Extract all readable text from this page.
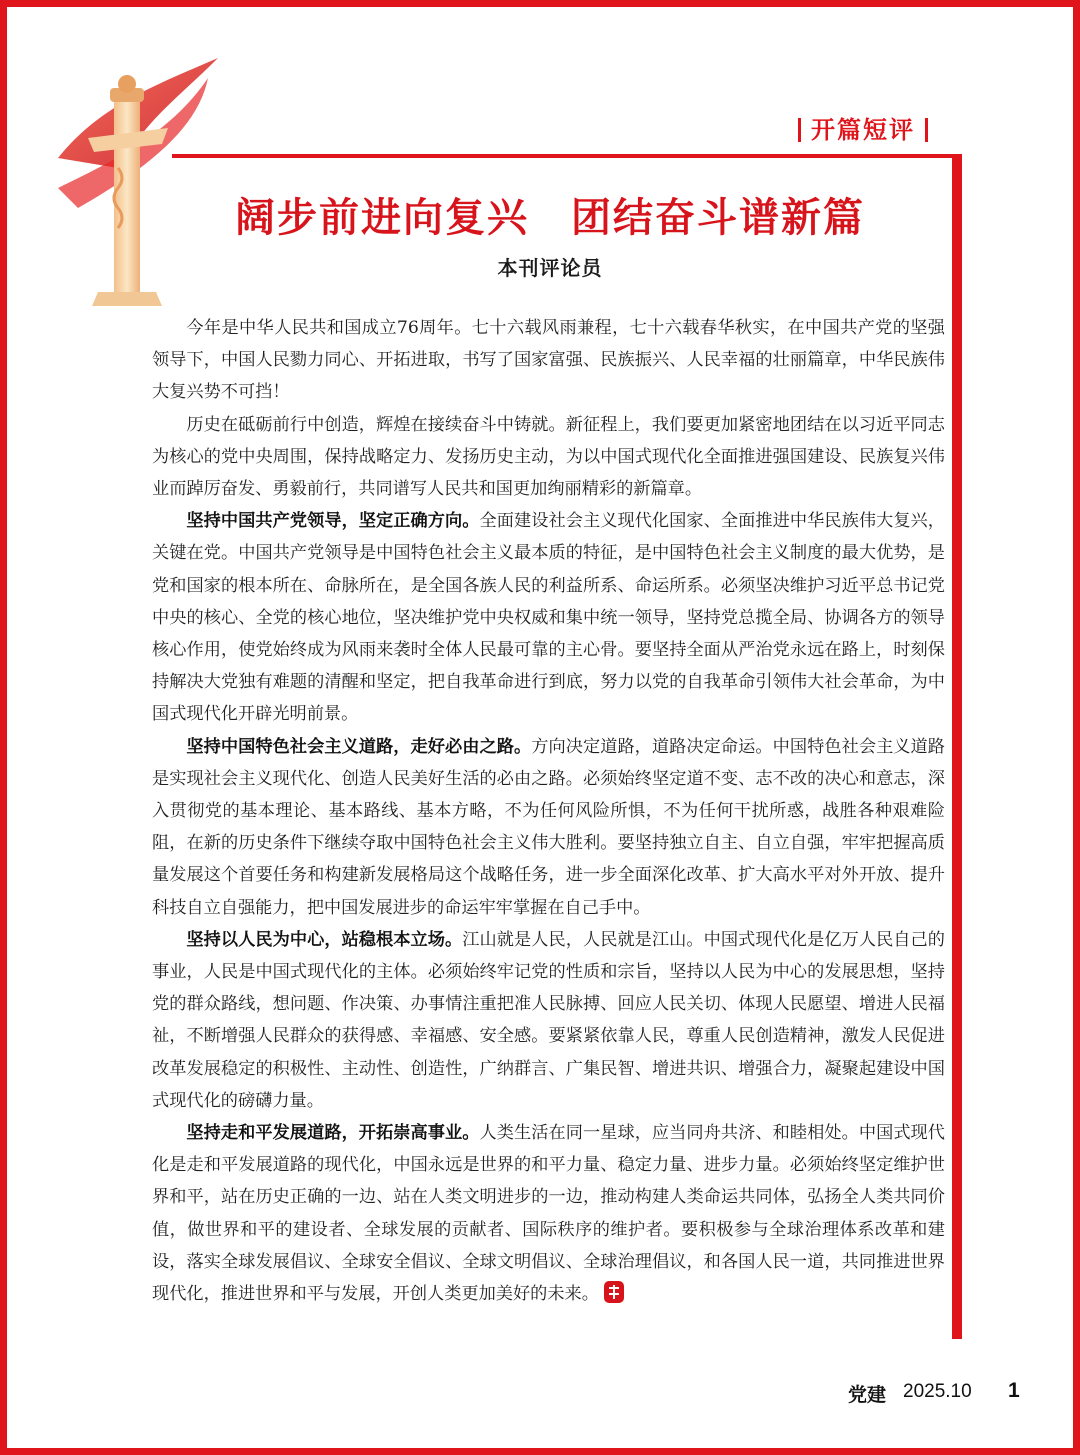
开篇短评
阔步前进向复兴　团结奋斗谱新篇
本刊评论员

今年是中华人民共和国成立76周年。七十六载风雨兼程，七十六载春华秋实，在中国共产党的坚强领导下，中国人民勠力同心、开拓进取，书写了国家富强、民族振兴、人民幸福的壮丽篇章，中华民族伟大复兴势不可挡！

历史在砥砺前行中创造，辉煌在接续奋斗中铸就。新征程上，我们要更加紧密地团结在以习近平同志为核心的党中央周围，保持战略定力、发扬历史主动，为以中国式现代化全面推进强国建设、民族复兴伟业而踔厉奋发、勇毅前行，共同谱写人民共和国更加绚丽精彩的新篇章。

坚持中国共产党领导，坚定正确方向。全面建设社会主义现代化国家、全面推进中华民族伟大复兴，关键在党。中国共产党领导是中国特色社会主义最本质的特征，是中国特色社会主义制度的最大优势，是党和国家的根本所在、命脉所在，是全国各族人民的利益所系、命运所系。必须坚决维护习近平总书记党中央的核心、全党的核心地位，坚决维护党中央权威和集中统一领导，坚持党总揽全局、协调各方的领导核心作用，使党始终成为风雨来袭时全体人民最可靠的主心骨。要坚持全面从严治党永远在路上，时刻保持解决大党独有难题的清醒和坚定，把自我革命进行到底，努力以党的自我革命引领伟大社会革命，为中国式现代化开辟光明前景。

坚持中国特色社会主义道路，走好必由之路。方向决定道路，道路决定命运。中国特色社会主义道路是实现社会主义现代化、创造人民美好生活的必由之路。必须始终坚定道不变、志不改的决心和意志，深入贯彻党的基本理论、基本路线、基本方略，不为任何风险所惧，不为任何干扰所惑，战胜各种艰难险阻，在新的历史条件下继续夺取中国特色社会主义伟大胜利。要坚持独立自主、自立自强，牢牢把握高质量发展这个首要任务和构建新发展格局这个战略任务，进一步全面深化改革、扩大高水平对外开放、提升科技自立自强能力，把中国发展进步的命运牢牢掌握在自己手中。

坚持以人民为中心，站稳根本立场。江山就是人民，人民就是江山。中国式现代化是亿万人民自己的事业，人民是中国式现代化的主体。必须始终牢记党的性质和宗旨，坚持以人民为中心的发展思想，坚持党的群众路线，想问题、作决策、办事情注重把准人民脉搏、回应人民关切、体现人民愿望、增进人民福祉，不断增强人民群众的获得感、幸福感、安全感。要紧紧依靠人民，尊重人民创造精神，激发人民促进改革发展稳定的积极性、主动性、创造性，广纳群言、广集民智、增进共识、增强合力，凝聚起建设中国式现代化的磅礴力量。

坚持走和平发展道路，开拓崇高事业。人类生活在同一星球，应当同舟共济、和睦相处。中国式现代化是走和平发展道路的现代化，中国永远是世界的和平力量、稳定力量、进步力量。必须始终坚定维护世界和平，站在历史正确的一边、站在人类文明进步的一边，推动构建人类命运共同体，弘扬全人类共同价值，做世界和平的建设者、全球发展的贡献者、国际秩序的维护者。要积极参与全球治理体系改革和建设，落实全球发展倡议、全球安全倡议、全球文明倡议、全球治理倡议，和各国人民一道，共同推进世界现代化，推进世界和平与发展，开创人类更加美好的未来。

党建 2025.10 1
